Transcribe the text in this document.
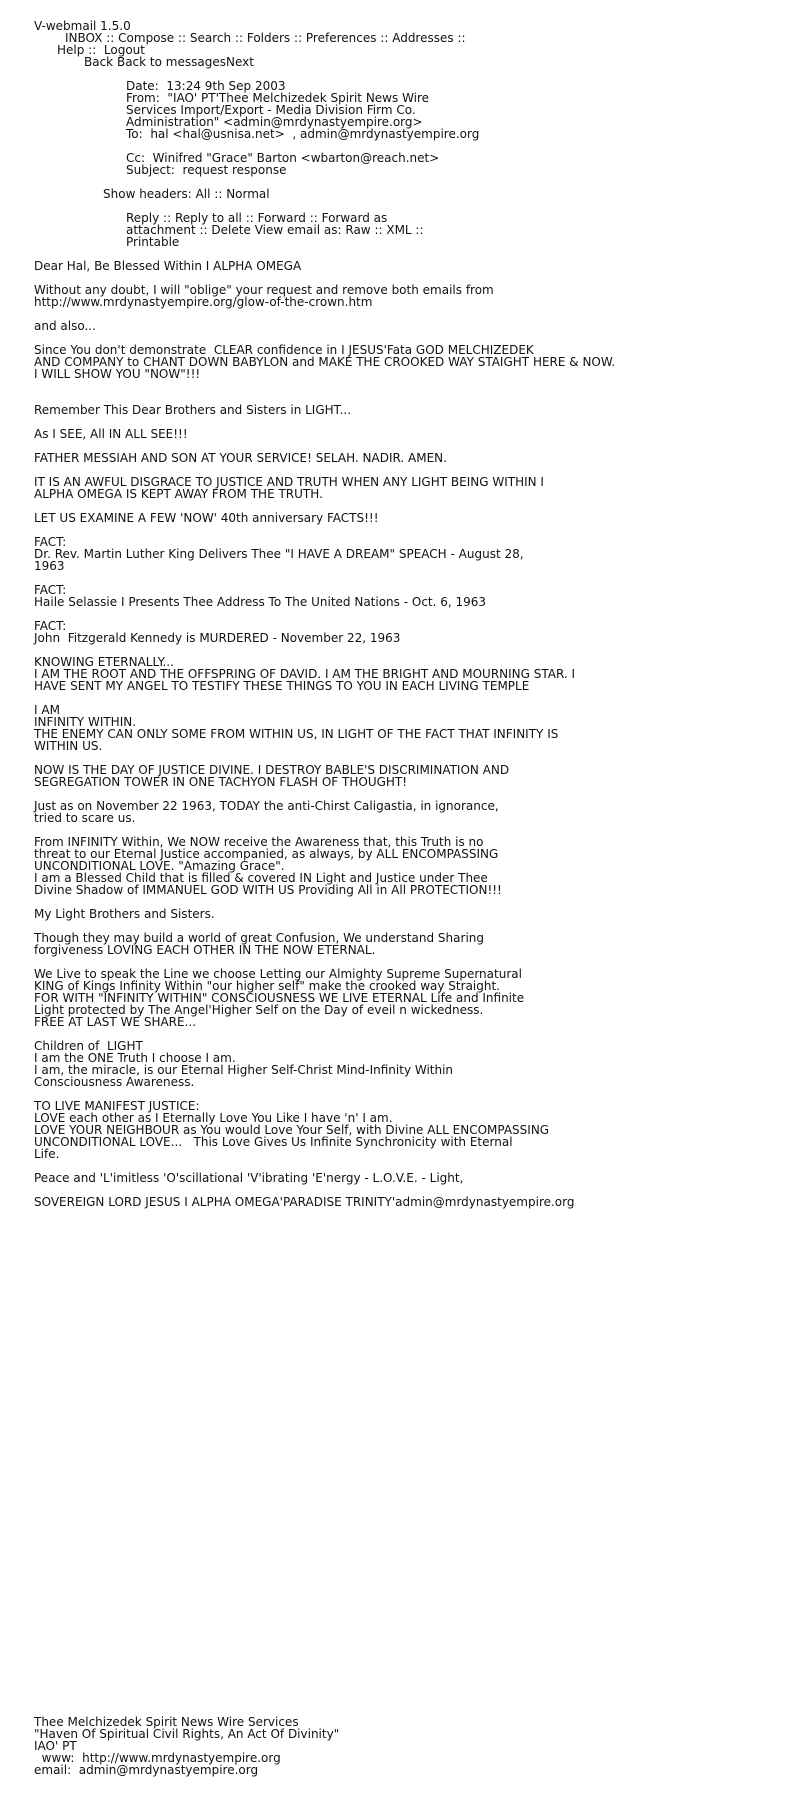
V-webmail 1.5.0
INBOX :: Compose :: Search :: Folders :: Preferences :: Addresses ::
Help ::  Logout
Back Back to messagesNext
Date: 13:24 9th Sep 2003
From: "IAO' PT'Thee Melchizedek Spirit News Wire
Services Import/Export - Media Division Firm Co.
Administration" <admin@mrdynastyempire.org>
To: hal <hal@usnisa.net>  , admin@mrdynastyempire.org
Cc: Winifred "Grace" Barton <wbarton@reach.net>
Subject: request response
Show headers: All :: Normal
Reply :: Reply to all :: Forward :: Forward as
attachment :: Delete View email as: Raw :: XML ::
Printable
Dear Hal, Be Blessed Within I ALPHA OMEGA
Without any doubt, I will "oblige" your request and remove both emails from
http://www.mrdynastyempire.org/glow-of-the-crown.htm
and also...
Since You don't demonstrate  CLEAR confidence in I JESUS'Fata GOD MELCHIZEDEK
AND COMPANY to CHANT DOWN BABYLON and MAKE THE CROOKED WAY STAIGHT HERE & NOW.
I WILL SHOW YOU "NOW"!!!

Remember This Dear Brothers and Sisters in LIGHT...
As I SEE, All IN ALL SEE!!!
FATHER MESSIAH AND SON AT YOUR SERVICE! SELAH. NADIR. AMEN.
IT IS AN AWFUL DISGRACE TO JUSTICE AND TRUTH WHEN ANY LIGHT BEING WITHIN I
ALPHA OMEGA IS KEPT AWAY FROM THE TRUTH.
LET US EXAMINE A FEW 'NOW' 40th anniversary FACTS!!!
FACT:
Dr. Rev. Martin Luther King Delivers Thee "I HAVE A DREAM" SPEACH - August 28,
1963
FACT:
Haile Selassie I Presents Thee Address To The United Nations - Oct. 6, 1963
FACT:
John  Fitzgerald Kennedy is MURDERED - November 22, 1963
KNOWING ETERNALLY...
I AM THE ROOT AND THE OFFSPRING OF DAVID. I AM THE BRIGHT AND MOURNING STAR. I
HAVE SENT MY ANGEL TO TESTIFY THESE THINGS TO YOU IN EACH LIVING TEMPLE
I AM
INFINITY WITHIN.
THE ENEMY CAN ONLY SOME FROM WITHIN US, IN LIGHT OF THE FACT THAT INFINITY IS
WITHIN US.
NOW IS THE DAY OF JUSTICE DIVINE. I DESTROY BABLE'S DISCRIMINATION AND
SEGREGATION TOWER IN ONE TACHYON FLASH OF THOUGHT!
Just as on November 22 1963, TODAY the anti-Chirst Caligastia, in ignorance,
tried to scare us.
From INFINITY Within, We NOW receive the Awareness that, this Truth is no
threat to our Eternal Justice accompanied, as always, by ALL ENCOMPASSING
UNCONDITIONAL LOVE. "Amazing Grace".
I am a Blessed Child that is filled & covered IN Light and Justice under Thee
Divine Shadow of IMMANUEL GOD WITH US Providing All in All PROTECTION!!!
My Light Brothers and Sisters.
Though they may build a world of great Confusion, We understand Sharing
forgiveness LOVING EACH OTHER IN THE NOW ETERNAL.
We Live to speak the Line we choose Letting our Almighty Supreme Supernatural
KING of Kings Infinity Within "our higher self" make the crooked way Straight.
FOR WITH "INFINITY WITHIN" CONSCIOUSNESS WE LIVE ETERNAL Life and Infinite
Light protected by The Angel'Higher Self on the Day of eveil n wickedness.
FREE AT LAST WE SHARE...
Children of  LIGHT
I am the ONE Truth I choose I am.
I am, the miracle, is our Eternal Higher Self-Christ Mind-Infinity Within
Consciousness Awareness.
TO LIVE MANIFEST JUSTICE:
LOVE each other as I Eternally Love You Like I have 'n' I am.
LOVE YOUR NEIGHBOUR as You would Love Your Self, with Divine ALL ENCOMPASSING
UNCONDITIONAL LOVE...   This Love Gives Us Infinite Synchronicity with Eternal
Life.
Peace and 'L'imitless 'O'scillational 'V'ibrating 'E'nergy - L.O.V.E. - Light,
SOVEREIGN LORD JESUS I ALPHA OMEGA'PARADISE TRINITY'admin@mrdynastyempire.org
Thee Melchizedek Spirit News Wire Services
"Haven Of Spiritual Civil Rights, An Act Of Divinity"
IAO' PT
www:  http://www.mrdynastyempire.org
email:  admin@mrdynastyempire.org
